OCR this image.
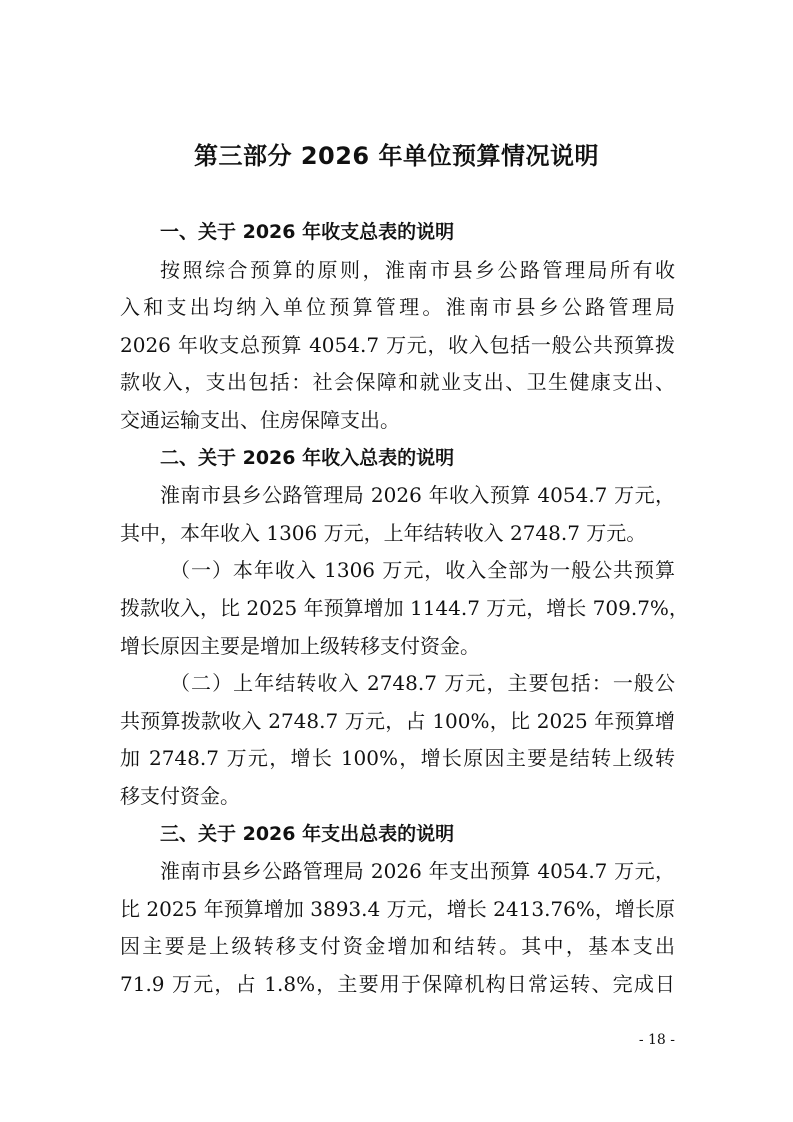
第三部分 2026 年单位预算情况说明
一、关于 2026 年收支总表的说明
按照综合预算的原则，淮南市县乡公路管理局所有收
入和支出均纳入单位预算管理。淮南市县乡公路管理局
2026 年收支总预算 4054.7 万元，收入包括一般公共预算拨
款收入，支出包括：社会保障和就业支出、卫生健康支出、
交通运输支出、住房保障支出。
二、关于 2026 年收入总表的说明
淮南市县乡公路管理局 2026 年收入预算 4054.7 万元，
其中，本年收入 1306 万元，上年结转收入 2748.7 万元。
（一）本年收入 1306 万元，收入全部为一般公共预算
拨款收入，比 2025 年预算增加 1144.7 万元，增长 709.7%，
增长原因主要是增加上级转移支付资金。
（二）上年结转收入 2748.7 万元，主要包括：一般公
共预算拨款收入 2748.7 万元，占 100%，比 2025 年预算增
加 2748.7 万元，增长 100%，增长原因主要是结转上级转
移支付资金。
三、关于 2026 年支出总表的说明
淮南市县乡公路管理局 2026 年支出预算 4054.7 万元，
比 2025 年预算增加 3893.4 万元，增长 2413.76%，增长原
因主要是上级转移支付资金增加和结转。其中，基本支出
71.9 万元，占 1.8%，主要用于保障机构日常运转、完成日
- 18 -
